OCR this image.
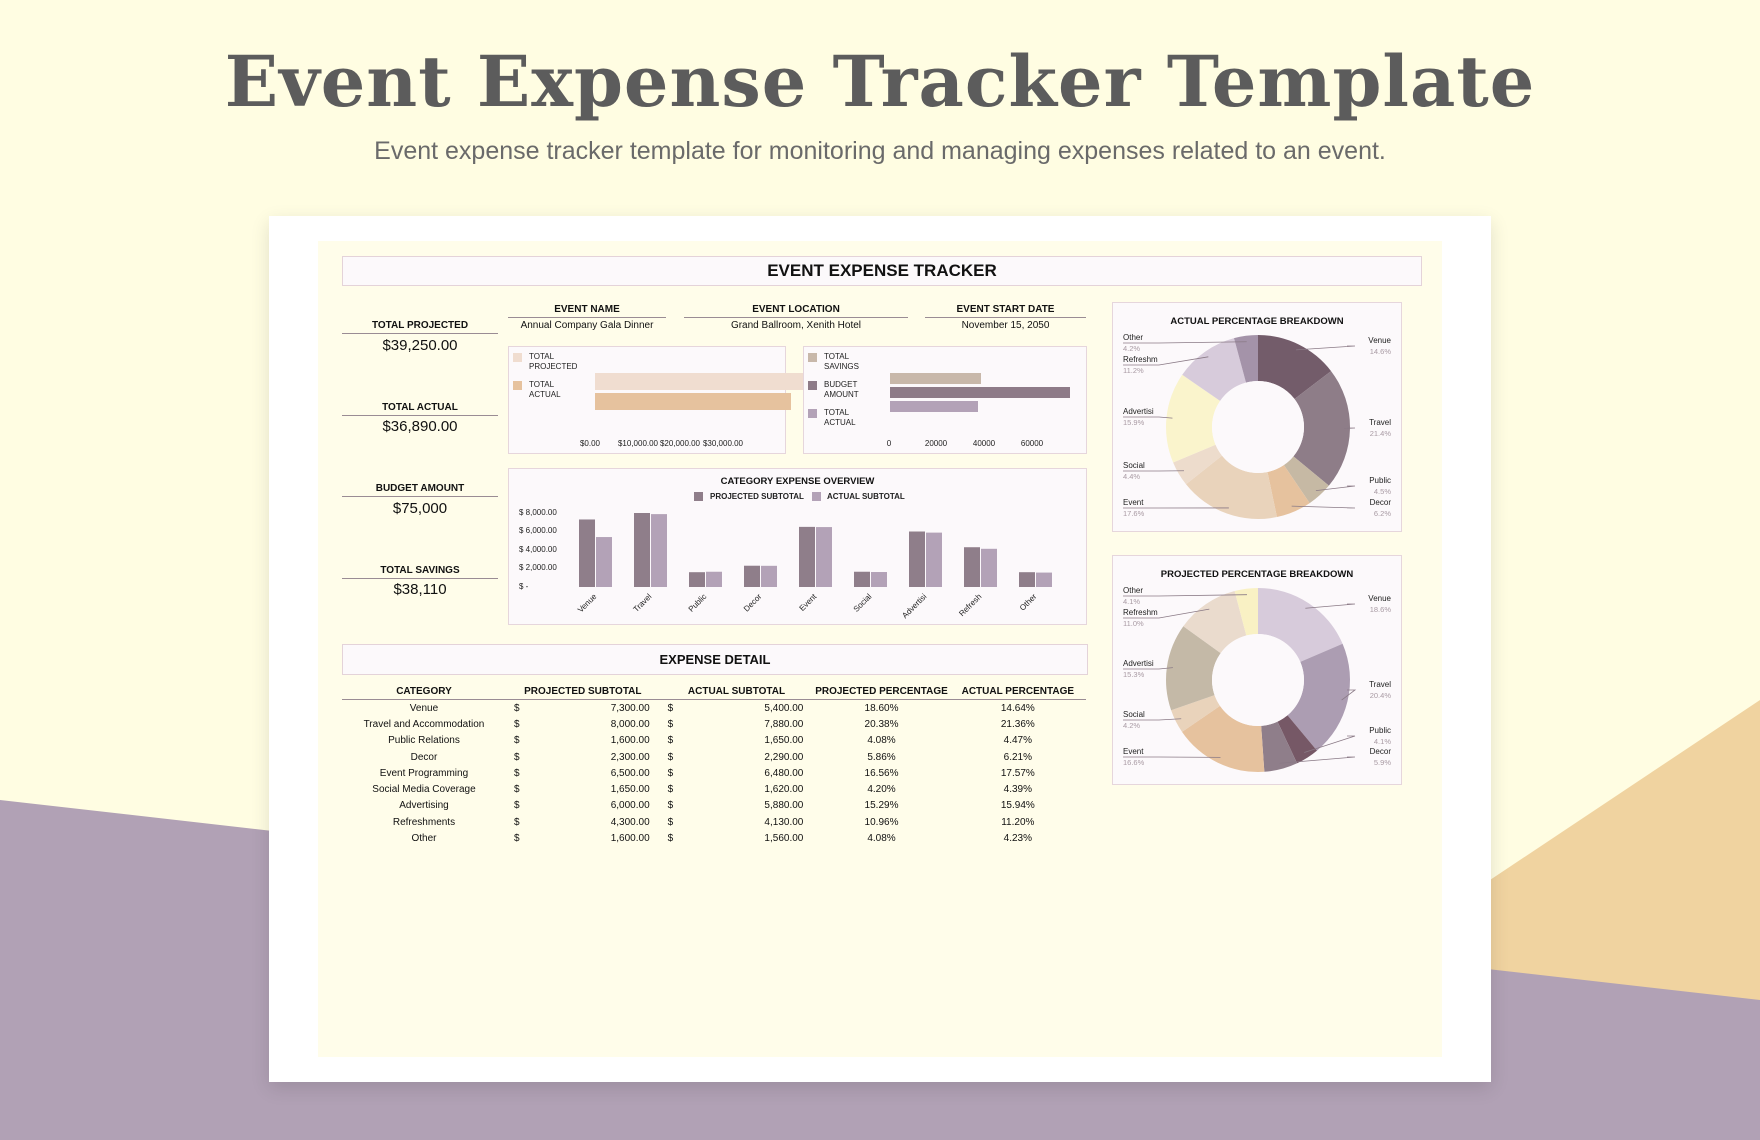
Event Expense Tracker Template
Event expense tracker template for monitoring and managing expenses related to an event.
EVENT EXPENSE TRACKER
TOTAL PROJECTED
$39,250.00
TOTAL ACTUAL
$36,890.00
BUDGET AMOUNT
$75,000
TOTAL SAVINGS
$38,110
EVENT NAME
Annual Company Gala Dinner
EVENT LOCATION
Grand Ballroom, Xenith Hotel
EVENT START DATE
November 15, 2050
TOTAL PROJECTED
TOTAL ACTUAL
$0.00	$10,000.00 $20,000.00 $30,000.00
TOTAL SAVINGS
BUDGET AMOUNT
TOTAL ACTUAL
0	20000	40000	60000
CATEGORY EXPENSE OVERVIEW
PROJECTED SUBTOTAL	ACTUAL SUBTOTAL
$ 8,000.00
$ 6,000.00
$ 4,000.00
$ 2,000.00
$ -
Venue	Travel	Public	Decor	Event	Social	Advertisi	Refresh	Other
EXPENSE DETAIL
CATEGORY	PROJECTED SUBTOTAL		ACTUAL SUBTOTAL		PROJECTED PERCENTAGE	ACTUAL PERCENTAGE
Venue	$	7,300.00	$	5,400.00	18.60%	14.64%
Travel and Accommodation	$	8,000.00	$	7,880.00	20.38%	21.36%
Public Relations	$	1,600.00	$	1,650.00	4.08%	4.47%
Decor	$	2,300.00	$	2,290.00	5.86%	6.21%
Event Programming	$	6,500.00	$	6,480.00	16.56%	17.57%
Social Media Coverage	$	1,650.00	$	1,620.00	4.20%	4.39%
Advertising	$	6,000.00	$	5,880.00	15.29%	15.94%
Refreshments	$	4,300.00	$	4,130.00	10.96%	11.20%
Other	$	1,600.00	$	1,560.00	4.08%	4.23%
ACTUAL PERCENTAGE BREAKDOWN
Other
4.2%
Refreshm
11.2%
Advertisi
15.9%
Social
4.4%
Event
17.6%
Venue
14.6%
Travel
21.4%
Public
4.5%
Decor
6.2%
PROJECTED PERCENTAGE BREAKDOWN
Other
4.1%
Refreshm
11.0%
Advertisi
15.3%
Social
4.2%
Event
16.6%
Venue
18.6%
Travel
20.4%
Public
4.1%
Decor
5.9%
